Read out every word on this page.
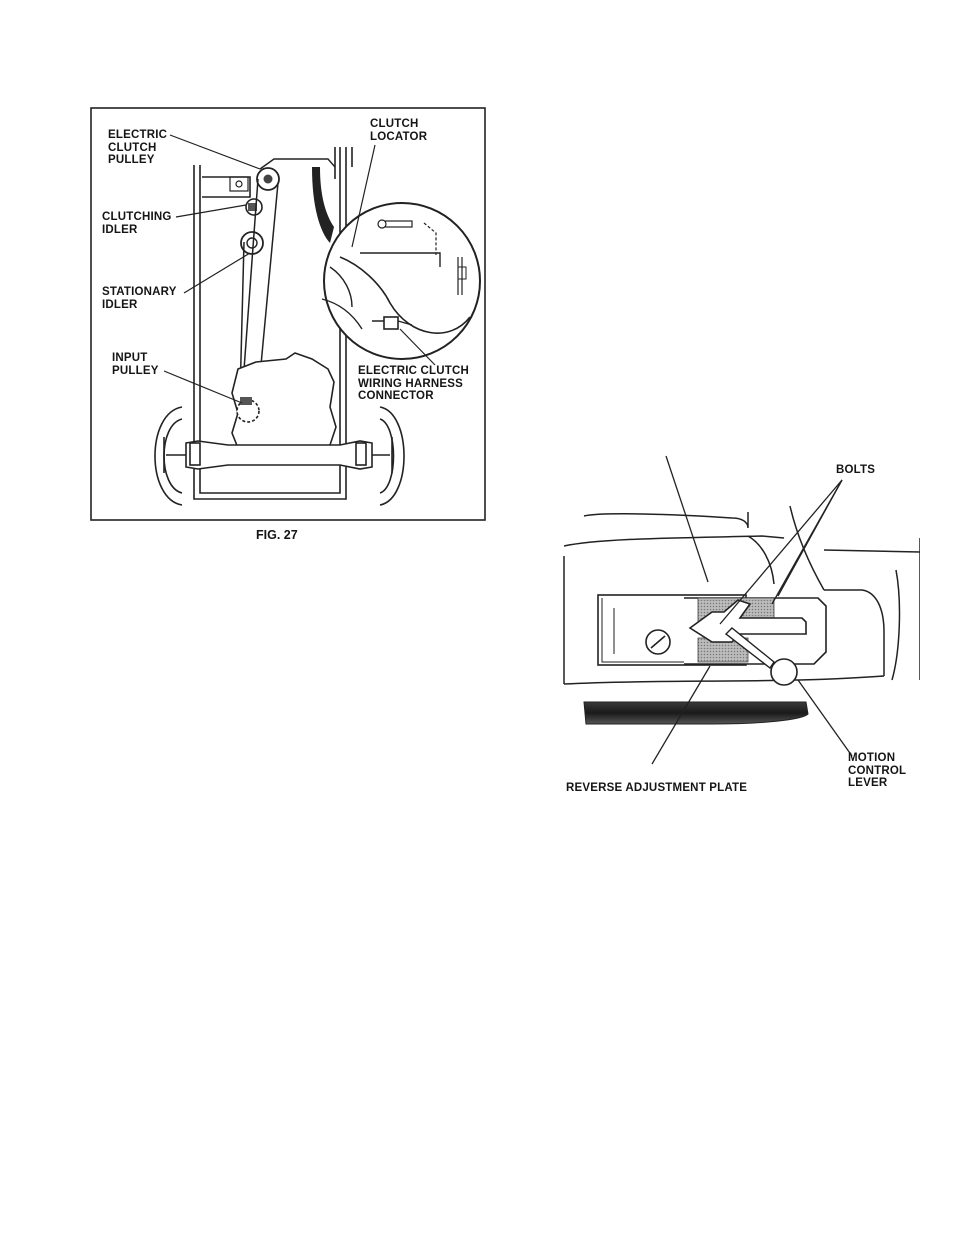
ELECTRIC
CLUTCH
PULLEY
CLUTCH
LOCATOR
CLUTCHING
IDLER
STATIONARY
IDLER
INPUT
PULLEY	ELECTRIC CLUTCH
WIRING HARNESS
CONNECTOR
FIG. 27
BOLTS
REVERSE ADJUSTMENT PLATE
MOTION
CONTROL
LEVER
